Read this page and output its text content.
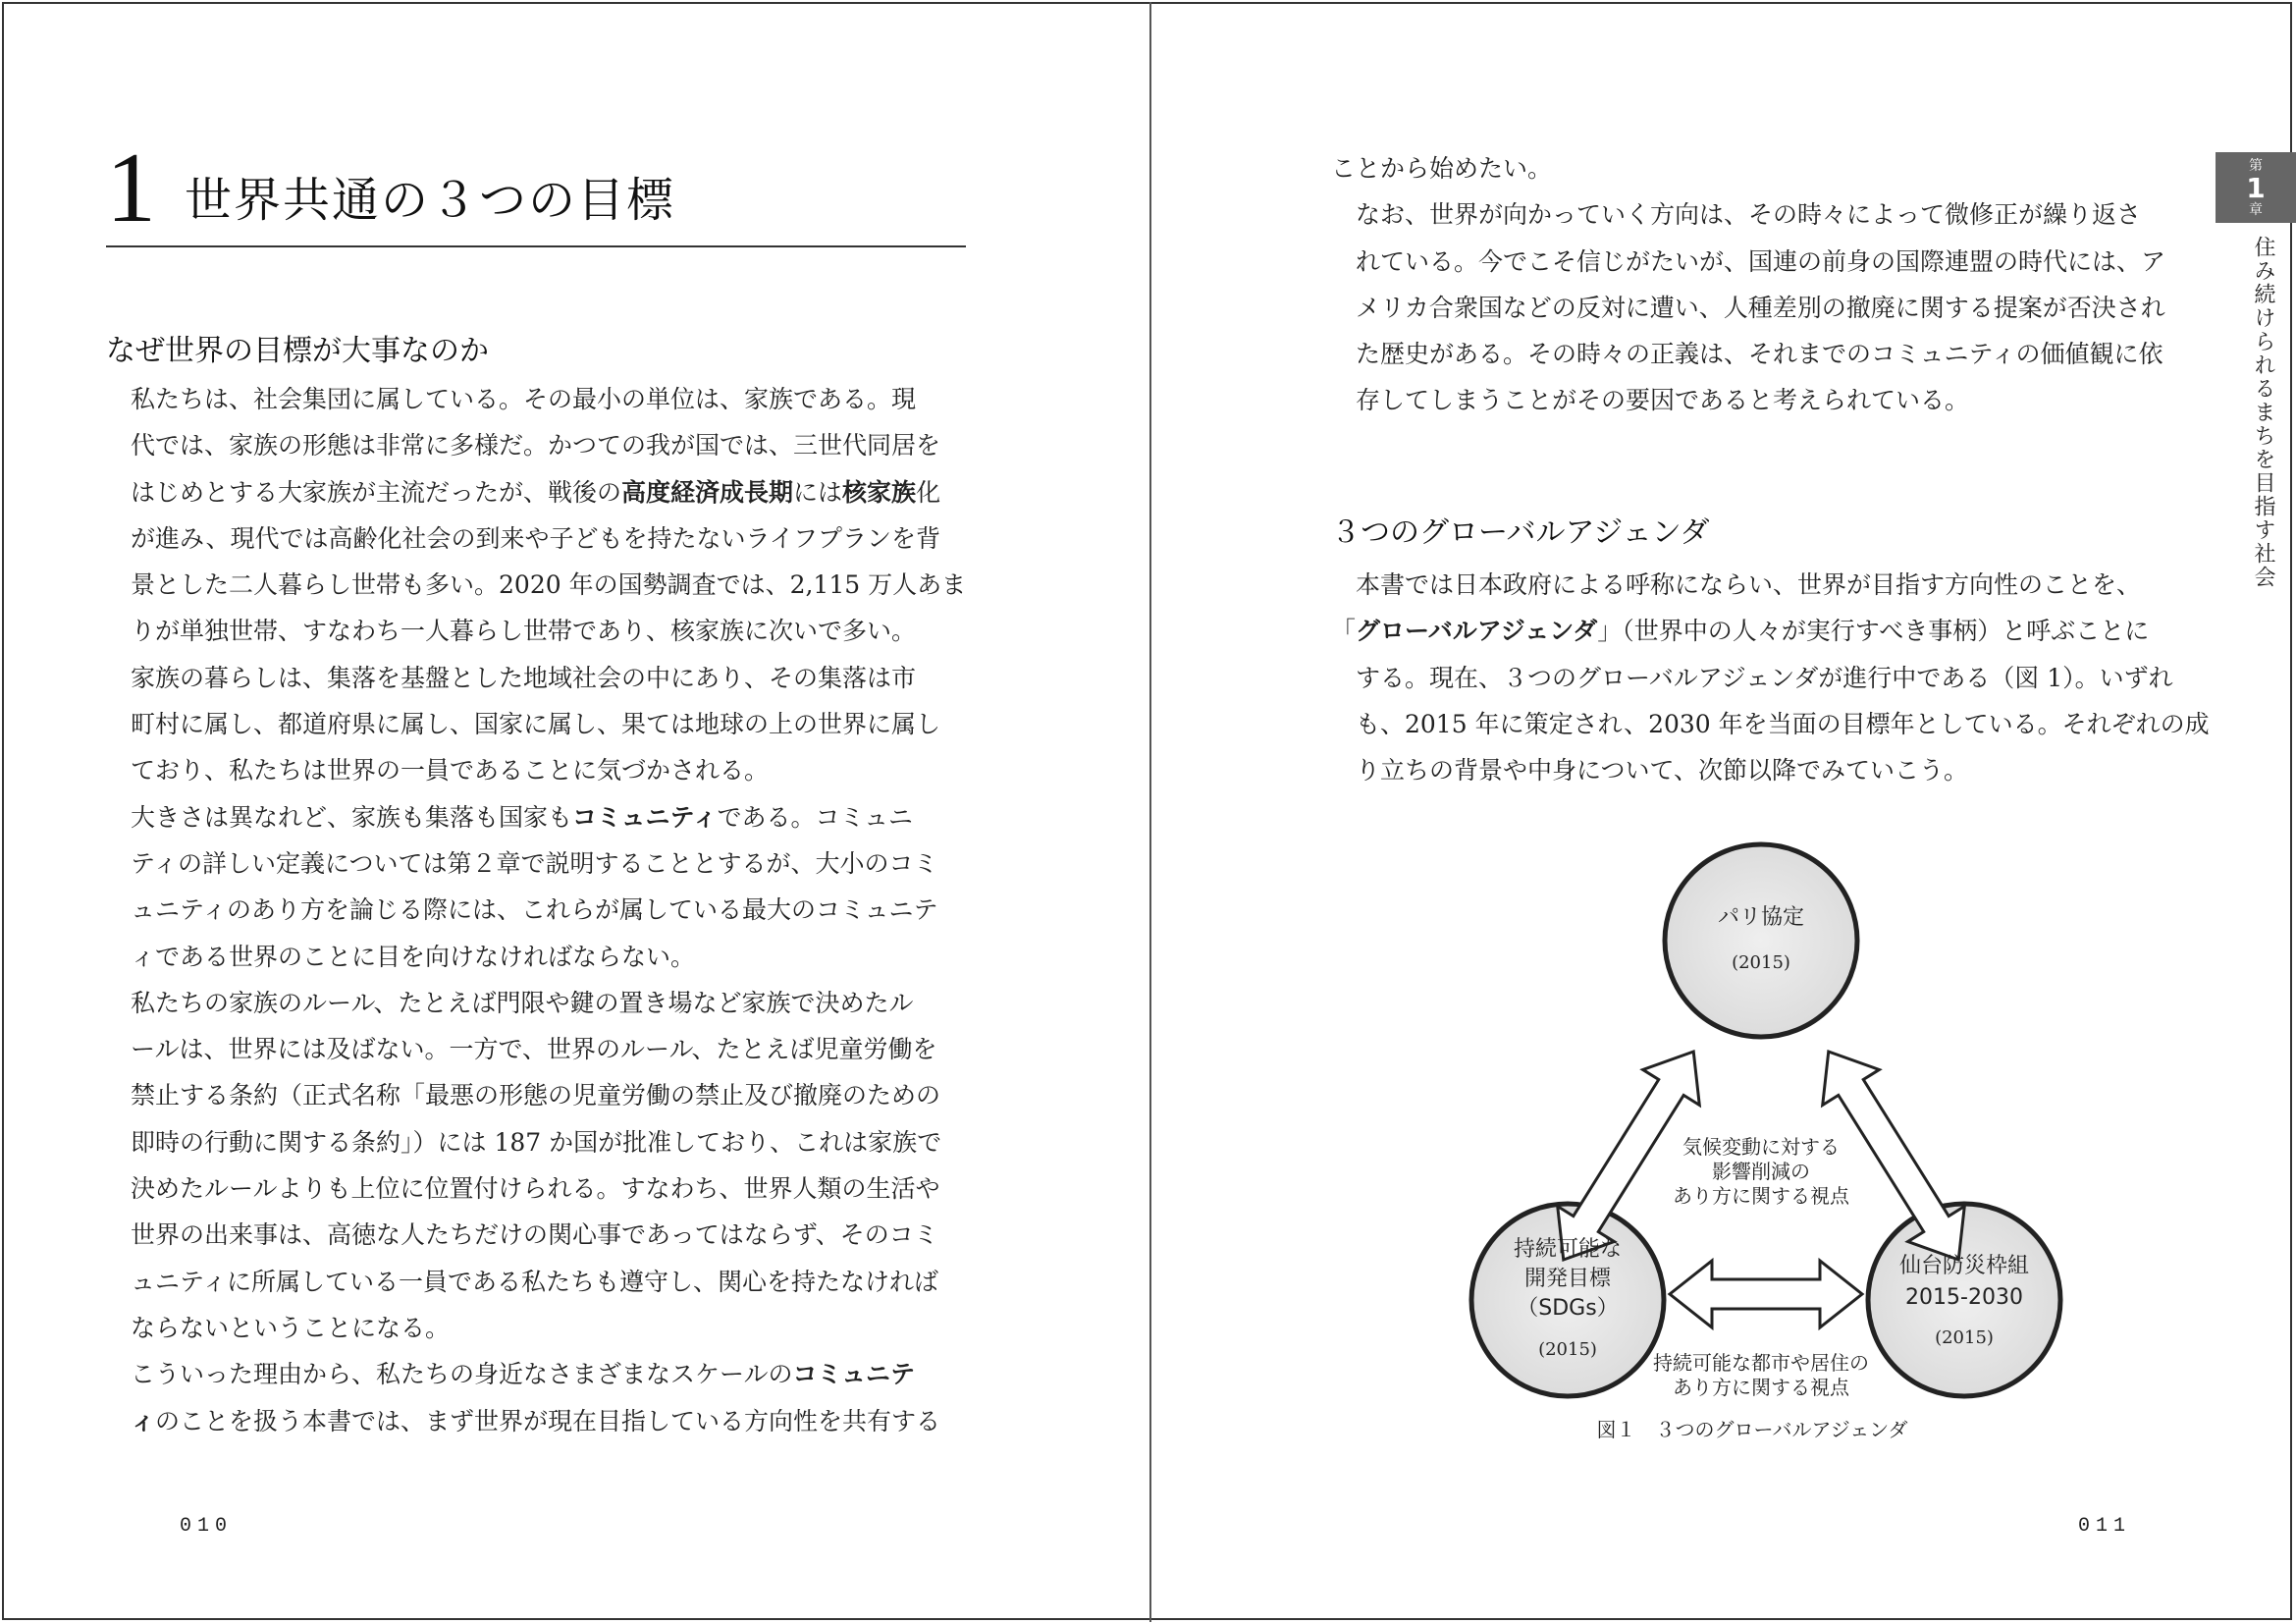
1 世界共通の３つの目標
なぜ世界の目標が大事なのか

私たちは、社会集団に属している。その最小の単位は、家族である。現
代では、家族の形態は非常に多様だ。かつての我が国では、三世代同居を
はじめとする大家族が主流だったが、戦後の高度経済成長期には核家族化
が進み、現代では高齢化社会の到来や子どもを持たないライフプランを背
景とした二人暮らし世帯も多い。2020 年の国勢調査では、2,115 万人あま
りが単独世帯、すなわち一人暮らし世帯であり、核家族に次いで多い。

家族の暮らしは、集落を基盤とした地域社会の中にあり、その集落は市
町村に属し、都道府県に属し、国家に属し、果ては地球の上の世界に属し
ており、私たちは世界の一員であることに気づかされる。

大きさは異なれど、家族も集落も国家もコミュニティである。コミュニ
ティの詳しい定義については第２章で説明することとするが、大小のコミ
ュニティのあり方を論じる際には、これらが属している最大のコミュニテ
ィである世界のことに目を向けなければならない。

私たちの家族のルール、たとえば門限や鍵の置き場など家族で決めたル
ールは、世界には及ばない。一方で、世界のルール、たとえば児童労働を
禁止する条約（正式名称「最悪の形態の児童労働の禁止及び撤廃のための
即時の行動に関する条約」）には 187 か国が批准しており、これは家族で
決めたルールよりも上位に位置付けられる。すなわち、世界人類の生活や
世界の出来事は、高徳な人たちだけの関心事であってはならず、そのコミ
ュニティに所属している一員である私たちも遵守し、関心を持たなければ
ならないということになる。

こういった理由から、私たちの身近なさまざまなスケールのコミュニテ
ィのことを扱う本書では、まず世界が現在目指している方向性を共有する

010

ことから始めたい。

なお、世界が向かっていく方向は、その時々によって微修正が繰り返さ
れている。今でこそ信じがたいが、国連の前身の国際連盟の時代には、ア
メリカ合衆国などの反対に遭い、人種差別の撤廃に関する提案が否決され
た歴史がある。その時々の正義は、それまでのコミュニティの価値観に依
存してしまうことがその要因であると考えられている。

３つのグローバルアジェンダ

本書では日本政府による呼称にならい、世界が目指す方向性のことを、
「グローバルアジェンダ」（世界中の人々が実行すべき事柄）と呼ぶことに
する。現在、３つのグローバルアジェンダが進行中である（図 1）。いずれ
も、2015 年に策定され、2030 年を当面の目標年としている。それぞれの成
り立ちの背景や中身について、次節以降でみていこう。

パリ協定
(2015)
持続可能な
開発目標
（SDGs）
(2015)
仙台防災枠組
2015-2030
(2015)
気候変動に対する
影響削減の
あり方に関する視点
持続可能な都市や居住の
あり方に関する視点
図１　３つのグローバルアジェンダ
011
第
1
章
住み続けられるまちを目指す社会
